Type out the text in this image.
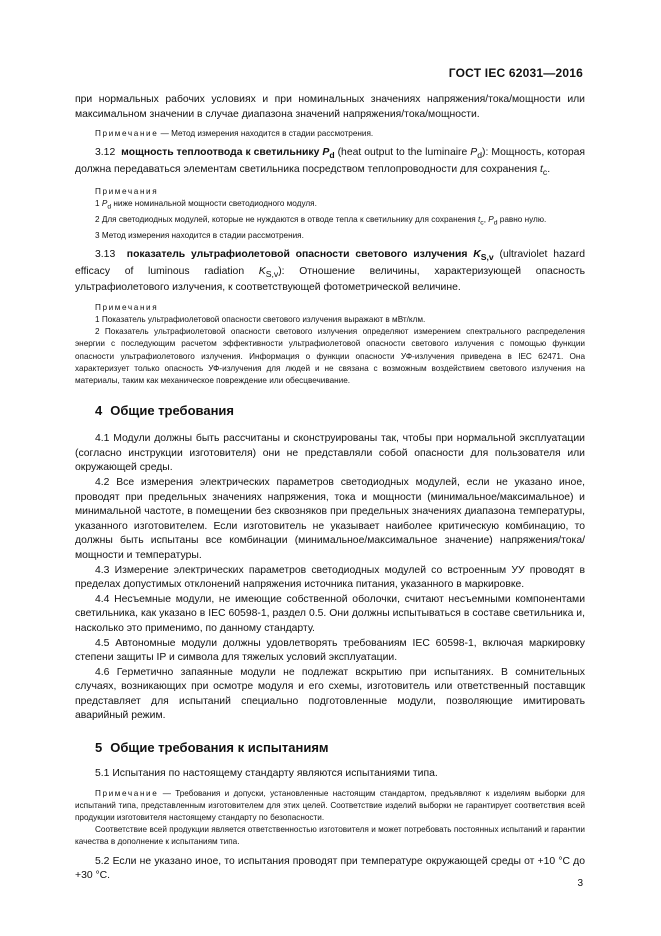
ГОСТ IEC 62031—2016

при нормальных рабочих условиях и при номинальных значениях напряжения/тока/мощности или максимальном значении в случае диапазона значений напряжения/тока/мощности.

Примечание — Метод измерения находится в стадии рассмотрения.

3.12 мощность теплоотвода к светильнику $P_d$ (heat output to the luminaire $P_d$): Мощность, которая должна передаваться элементам светильника посредством теплопроводности для сохранения $t_c$.

Примечания

1 $P_d$ ниже номинальной мощности светодиодного модуля.

2 Для светодиодных модулей, которые не нуждаются в отводе тепла к светильнику для сохранения $t_c$, $P_d$ равно нулю.

3 Метод измерения находится в стадии рассмотрения.

3.13 показатель ультрафиолетовой опасности светового излучения $K_{S,v}$ (ultraviolet hazard efficacy of luminous radiation $K_{S,v}$): Отношение величины, характеризующей опасность ультрафиолетового излучения, к соответствующей фотометрической величине.

Примечания

1 Показатель ультрафиолетовой опасности светового излучения выражают в мВт/клм.

2 Показатель ультрафиолетовой опасности светового излучения определяют измерением спектрального распределения энергии с последующим расчетом эффективности ультрафиолетовой опасности светового излучения с помощью функции опасности ультрафиолетового излучения. Информация о функции опасности УФ-излучения приведена в IEC 62471. Она характеризует только опасность УФ-излучения для людей и не связана с возможным воздействием светового излучения на материалы, таким как механическое повреждение или обесцвечивание.

4 Общие требования

4.1 Модули должны быть рассчитаны и сконструированы так, чтобы при нормальной эксплуатации (согласно инструкции изготовителя) они не представляли собой опасности для пользователя или окружающей среды.

4.2 Все измерения электрических параметров светодиодных модулей, если не указано иное, проводят при предельных значениях напряжения, тока и мощности (минимальное/максимальное) и минимальной частоте, в помещении без сквозняков при предельных значениях диапазона температуры, указанного изготовителем. Если изготовитель не указывает наиболее критическую комбинацию, то должны быть испытаны все комбинации (минимальное/максимальное значение) напряжения/тока/мощности и температуры.

4.3 Измерение электрических параметров светодиодных модулей со встроенным УУ проводят в пределах допустимых отклонений напряжения источника питания, указанного в маркировке.

4.4 Несъемные модули, не имеющие собственной оболочки, считают несъемными компонентами светильника, как указано в IEC 60598-1, раздел 0.5. Они должны испытываться в составе светильника и, насколько это применимо, по данному стандарту.

4.5 Автономные модули должны удовлетворять требованиям IEC 60598-1, включая маркировку степени защиты IP и символа для тяжелых условий эксплуатации.

4.6 Герметично запаянные модули не подлежат вскрытию при испытаниях. В сомнительных случаях, возникающих при осмотре модуля и его схемы, изготовитель или ответственный поставщик представляет для испытаний специально подготовленные модули, позволяющие имитировать аварийный режим.

5 Общие требования к испытаниям

5.1 Испытания по настоящему стандарту являются испытаниями типа.

Примечание — Требования и допуски, установленные настоящим стандартом, предъявляют к изделиям выборки для испытаний типа, представленным изготовителем для этих целей. Соответствие изделий выборки не гарантирует соответствия всей продукции изготовителя настоящему стандарту по безопасности.

Соответствие всей продукции является ответственностью изготовителя и может потребовать постоянных испытаний и гарантии качества в дополнение к испытаниям типа.

5.2 Если не указано иное, то испытания проводят при температуре окружающей среды от +10 °С до +30 °С.

3
